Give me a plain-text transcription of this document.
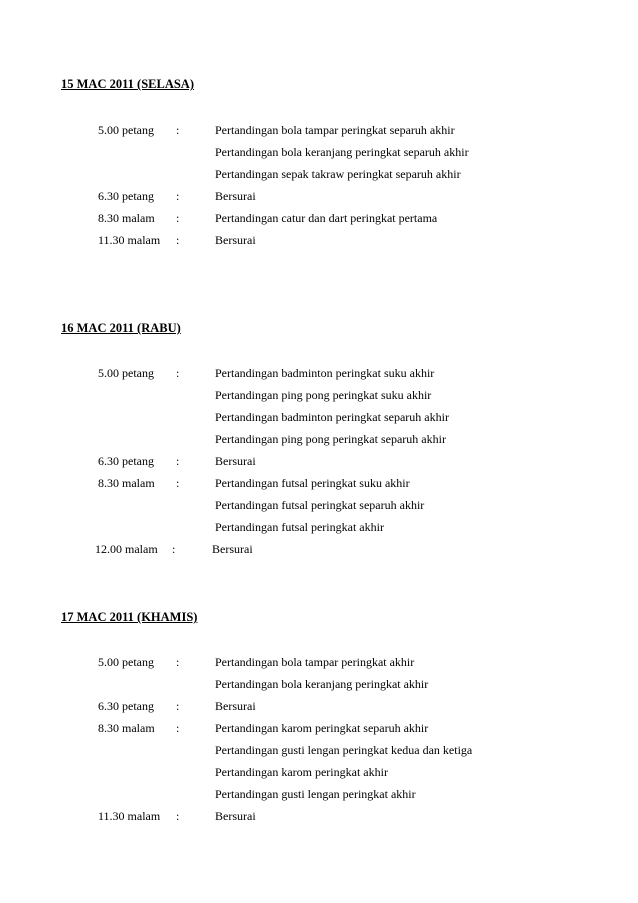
15 MAC 2011 (SELASA)
5.00 petang :	Pertandingan bola tampar peringkat separuh akhir
Pertandingan bola keranjang peringkat separuh akhir
Pertandingan sepak takraw peringkat separuh akhir
6.30 petang :	Bersurai
8.30 malam :	Pertandingan catur dan dart peringkat pertama
11.30 malam :	Bersurai
16 MAC 2011 (RABU)
5.00 petang :	Pertandingan badminton peringkat suku akhir
Pertandingan ping pong peringkat suku akhir
Pertandingan badminton peringkat separuh akhir
Pertandingan ping pong peringkat separuh akhir
6.30 petang :	Bersurai
8.30 malam :	Pertandingan futsal peringkat suku akhir
Pertandingan futsal peringkat separuh akhir
Pertandingan futsal peringkat akhir
12.00 malam :	Bersurai
17 MAC 2011 (KHAMIS)
5.00 petang :	Pertandingan bola tampar peringkat akhir
Pertandingan bola keranjang peringkat akhir
6.30 petang :	Bersurai
8.30 malam :	Pertandingan karom peringkat separuh akhir
Pertandingan gusti lengan peringkat kedua dan ketiga
Pertandingan karom peringkat akhir
Pertandingan gusti lengan peringkat akhir
11.30 malam :	Bersurai
